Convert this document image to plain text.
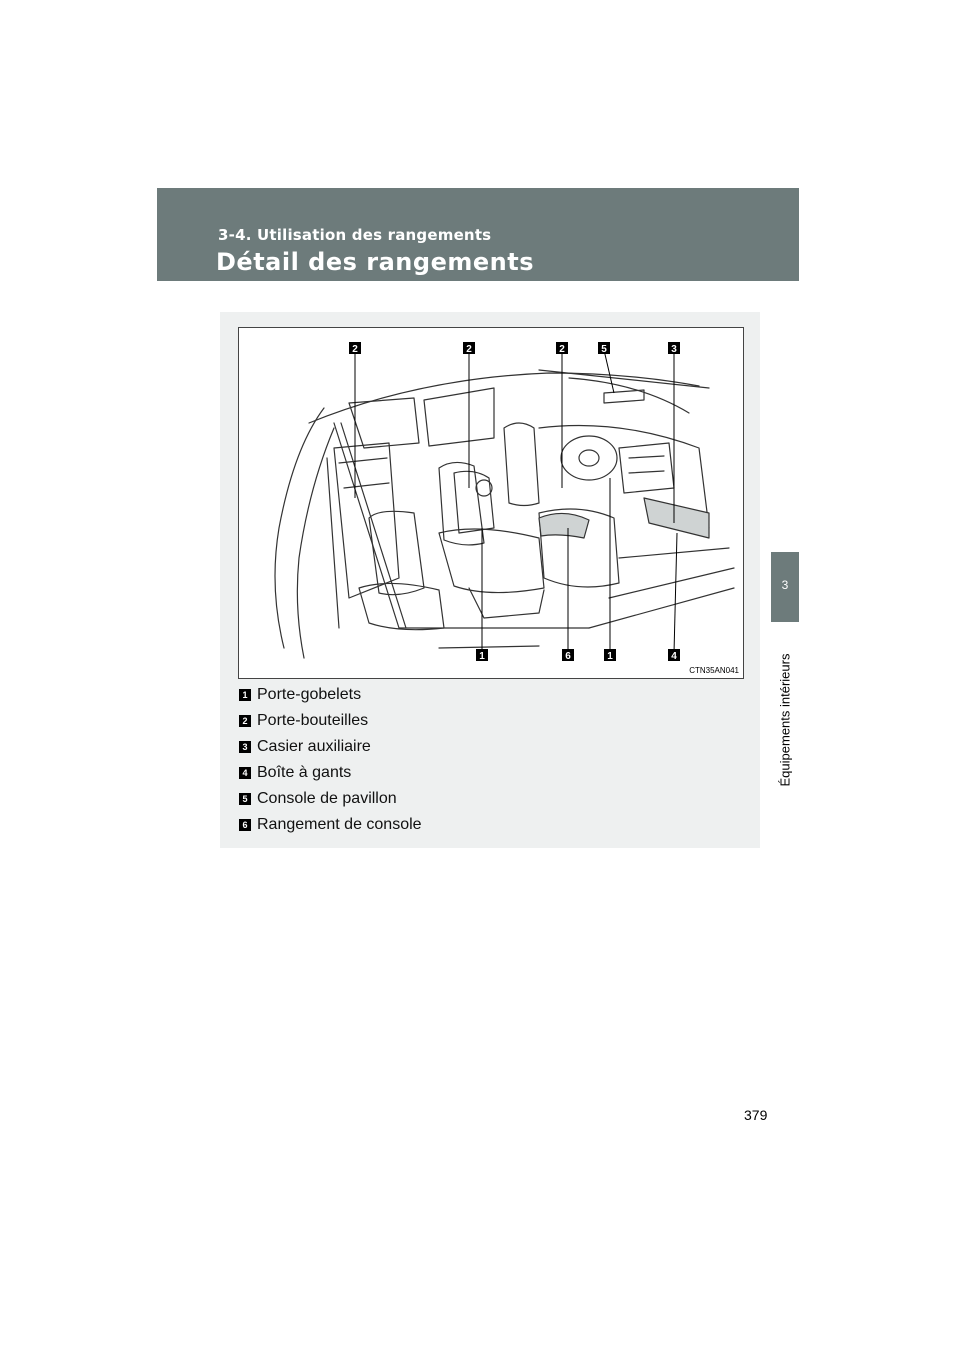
3-4. Utilisation des rangements
Détail des rangements
3
Équipements intérieurs
2	2	2	5	3
1	6	1	4
CTN35AN041
1 Porte-gobelets
2 Porte-bouteilles
3 Casier auxiliaire
4 Boîte à gants
5 Console de pavillon
6 Rangement de console
379
